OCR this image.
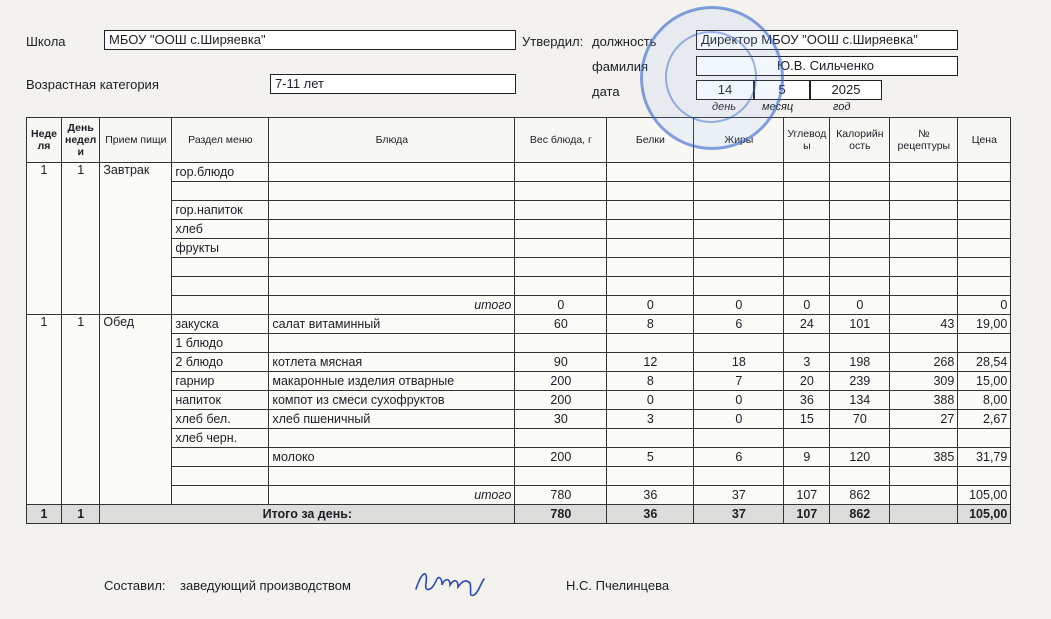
Школа	МБОУ "ООШ с.Ширяевка"
Возрастная категория	7-11 лет
Утвердил: должность	Директор МБОУ "ООШ с.Ширяевка"
фамилия	Ю.В. Сильченко
дата	14	5	2025
день месяц	год
Неде ля	День недел и	Прием пищи	Раздел меню	Блюда	Вес блюда, г	Белки	Жиры	Углевод ы	Калорийн ость	№ рецептуры	Цена
1	1	Завтрак	гор.блюдо								

			гор.напиток								
			хлеб								
			фрукты								

				итого	0	0	0	0	0		0
1	1	Обед	закуска	салат витаминный	60	8	6	24	101	43	19,00
			1 блюдо								
			2 блюдо	котлета мясная	90	12	18	3	198	268	28,54
			гарнир	макаронные изделия отварные	200	8	7	20	239	309	15,00
			напиток	компот из смеси сухофруктов	200	0	0	36	134	388	8,00
			хлеб бел.	хлеб пшеничный	30	3	0	15	70	27	2,67
			хлеб черн.								
				молоко	200	5	6	9	120	385	31,79

				итого	780	36	37	107	862		105,00
1	1	Итого за день:			780	36	37	107	862		105,00
Составил: заведующий производством	Н.С. Пчелинцева
